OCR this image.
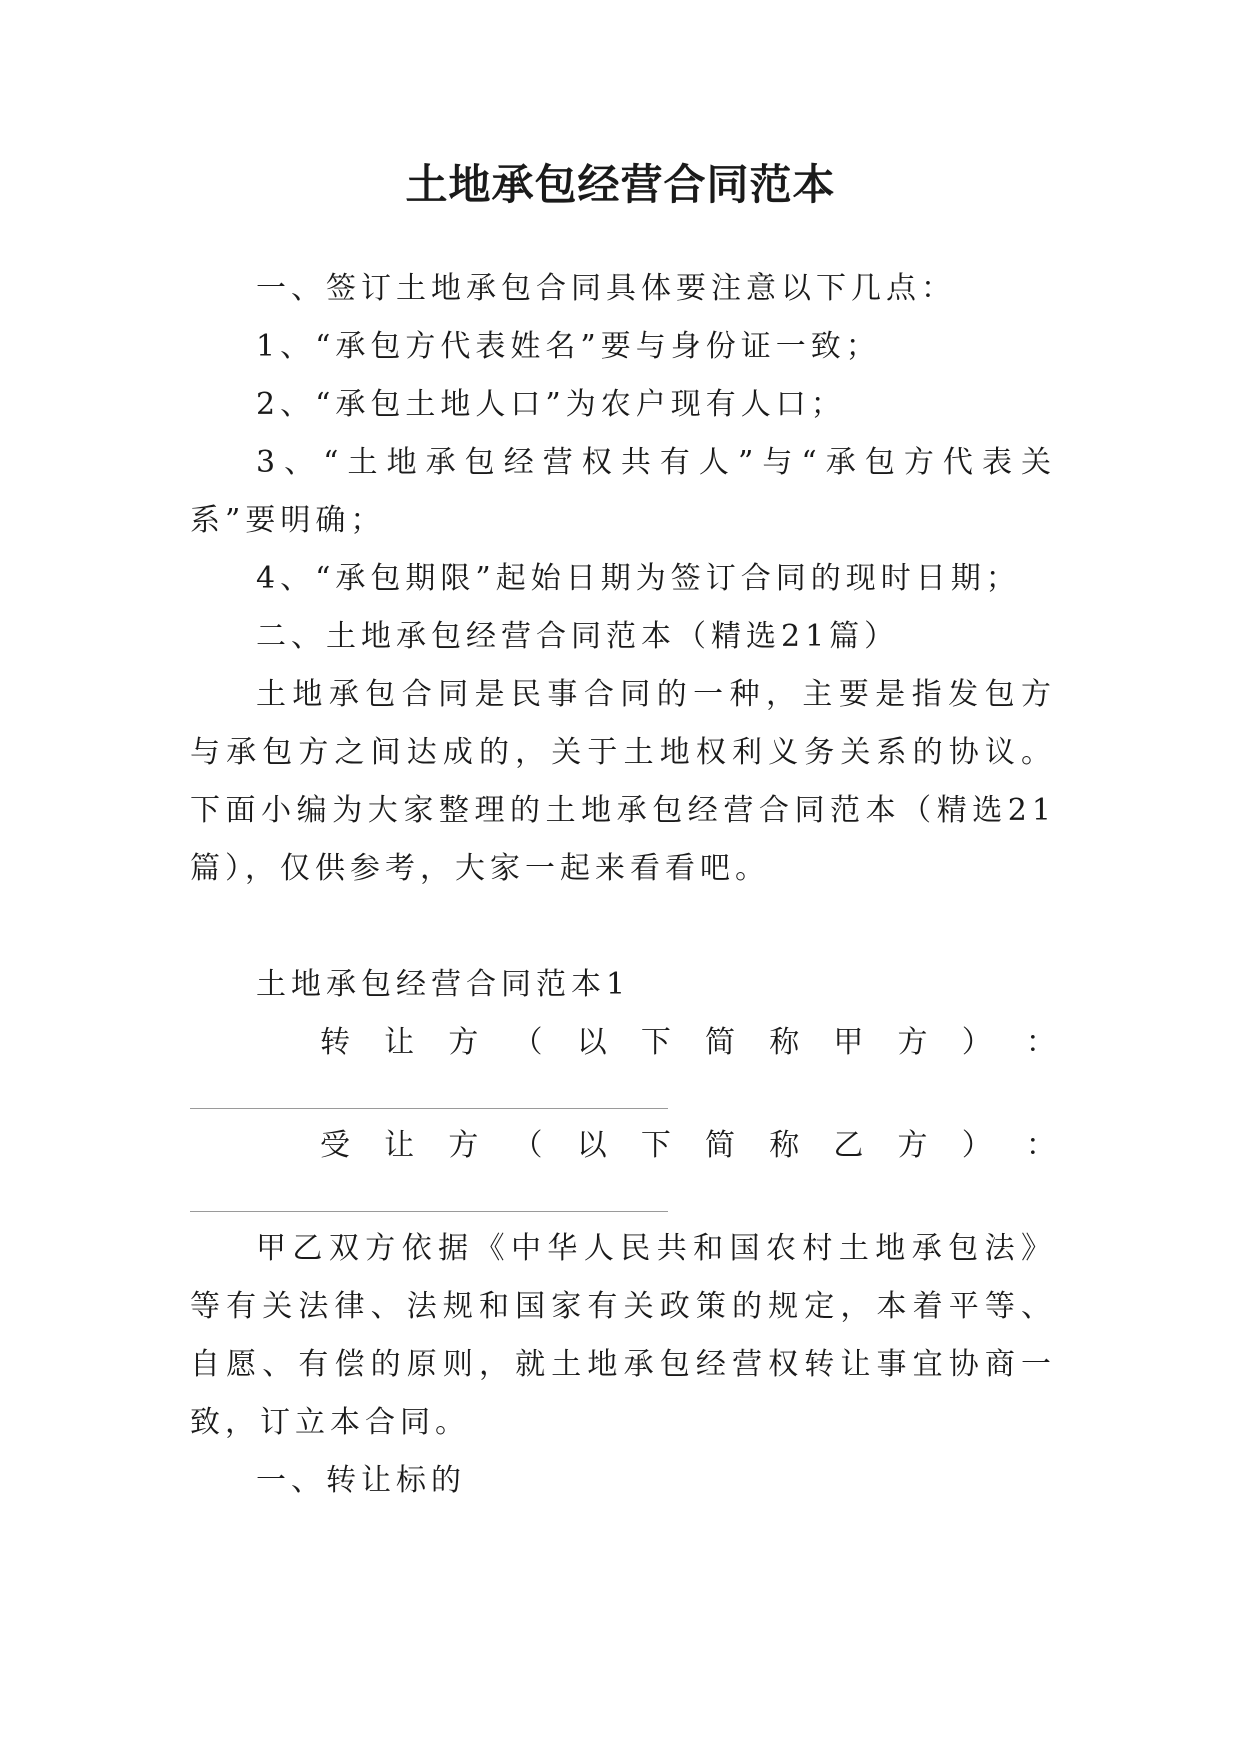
土地承包经营合同范本

一、签订土地承包合同具体要注意以下几点：

1、“承包方代表姓名”要与身份证一致；

2、“承包土地人口”为农户现有人口；

3、“土地承包经营权共有人”与“承包方代表关系”要明确；

4、“承包期限”起始日期为签订合同的现时日期；

二、土地承包经营合同范本（精选21篇）

土地承包合同是民事合同的一种，主要是指发包方与承包方之间达成的，关于土地权利义务关系的协议。下面小编为大家整理的土地承包经营合同范本（精选21篇），仅供参考，大家一起来看看吧。

土地承包经营合同范本1

转 让 方 （ 以 下 简 称 甲 方 ） ：

受 让 方 （ 以 下 简 称 乙 方 ） ：

甲乙双方依据《中华人民共和国农村土地承包法》等有关法律、法规和国家有关政策的规定，本着平等、自愿、有偿的原则，就土地承包经营权转让事宜协商一致，订立本合同。

一、转让标的
